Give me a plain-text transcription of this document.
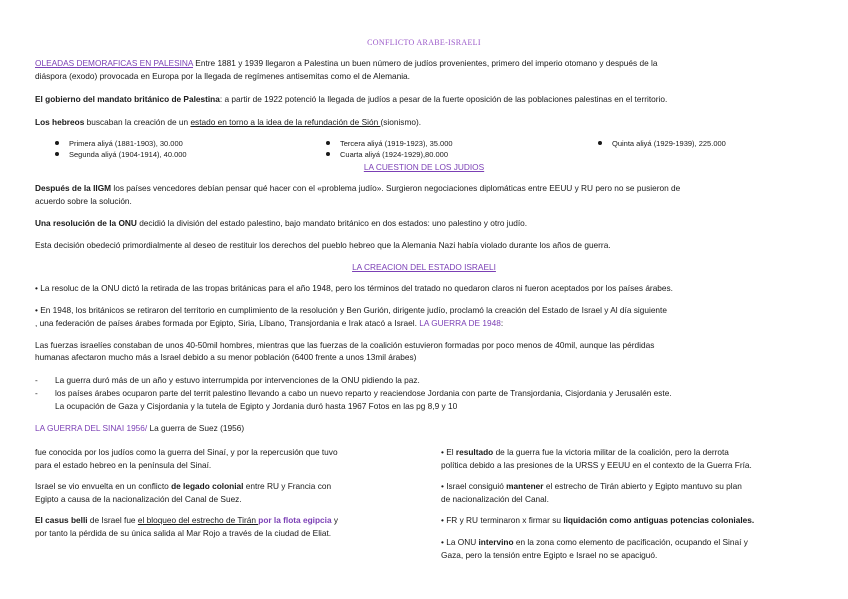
CONFLICTO ARABE-ISRAELI
OLEADAS DEMORAFICAS EN PALESINA Entre 1881 y 1939 llegaron a Palestina un buen número de judíos provenientes, primero del imperio otomano y después de la
diáspora (exodo) provocada en Europa por la llegada de regímenes antisemitas como el de Alemania.
El gobierno del mandato británico de Palestina: a partir de 1922 potenció la llegada de judíos a pesar de la fuerte oposición de las poblaciones palestinas en el territorio.
Los hebreos buscaban la creación de un estado en torno a la idea de la refundación de Sión (sionismo).
Primera aliyá (1881-1903), 30.000
Segunda aliyá (1904-1914), 40.000
Tercera aliyá (1919-1923), 35.000
Cuarta aliyá (1924-1929),80.000
Quinta aliyá (1929-1939), 225.000
LA CUESTION DE LOS JUDIOS
Después de la IIGM los países vencedores debían pensar qué hacer con el «problema judío». Surgieron negociaciones diplomáticas entre EEUU y RU pero no se pusieron de
acuerdo sobre la solución.
Una resolución de la ONU decidió la división del estado palestino, bajo mandato británico en dos estados: uno palestino y otro judío.
Esta decisión obedeció primordialmente al deseo de restituir los derechos del pueblo hebreo que la Alemania Nazi había violado durante los años de guerra.
LA CREACION DEL ESTADO ISRAELI
• La resoluc de la ONU dictó la retirada de las tropas británicas para el año 1948, pero los términos del tratado no quedaron claros ni fueron aceptados por los países árabes.
• En 1948, los británicos se retiraron del territorio en cumplimiento de la resolución y Ben Gurión, dirigente judío, proclamó la creación del Estado de Israel y Al día siguiente
, una federación de países árabes formada por Egipto, Siria, Líbano, Transjordania e Irak atacó a Israel. LA GUERRA DE 1948:
Las fuerzas israelíes constaban de unos 40-50mil hombres, mientras que las fuerzas de la coalición estuvieron formadas por poco menos de 40mil, aunque las pérdidas
humanas afectaron mucho más a Israel debido a su menor población (6400 frente a unos 13mil árabes)
- La guerra duró más de un año y estuvo interrumpida por intervenciones de la ONU pidiendo la paz.
- los países árabes ocuparon parte del territ palestino llevando a cabo un nuevo reparto y reaciendose Jordania con parte de Transjordania, Cisjordania y Jerusalén este.
La ocupación de Gaza y Cisjordania y la tutela de Egipto y Jordania duró hasta 1967 Fotos en las pg 8,9 y 10
LA GUERRA DEL SINAI 1956/ La guerra de Suez (1956)
fue conocida por los judíos como la guerra del Sinaí, y por la repercusión que tuvo
para el estado hebreo en la península del Sinaí.
Israel se vio envuelta en un conflicto de legado colonial entre RU y Francia con
Egipto a causa de la nacionalización del Canal de Suez.
El casus belli de Israel fue el bloqueo del estrecho de Tirán por la flota egipcia y
por tanto la pérdida de su única salida al Mar Rojo a través de la ciudad de Eliat.
• El resultado de la guerra fue la victoria militar de la coalición, pero la derrota
política debido a las presiones de la URSS y EEUU en el contexto de la Guerra Fría.
• Israel consiguió mantener el estrecho de Tirán abierto y Egipto mantuvo su plan
de nacionalización del Canal.
• FR y RU terminaron x firmar su liquidación como antiguas potencias coloniales.
• La ONU intervino en la zona como elemento de pacificación, ocupando el Sinaí y
Gaza, pero la tensión entre Egipto e Israel no se apaciguó.
